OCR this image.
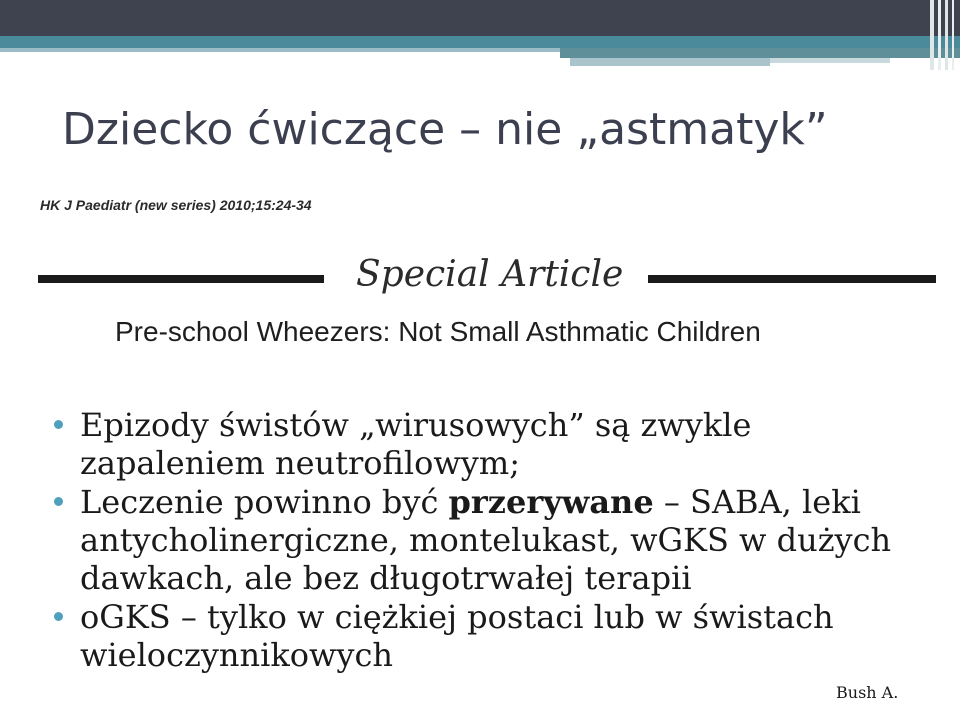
Dziecko ćwiczące – nie „astmatyk”
HK J Paediatr (new series) 2010;15:24-34
Special Article
Pre-school Wheezers: Not Small Asthmatic Children
Epizody świstów „wirusowych” są zwykle
zapaleniem neutrofilowym;
Leczenie powinno być przerywane – SABA, leki
antycholinergiczne, montelukast, wGKS w dużych
dawkach, ale bez długotrwałej terapii
oGKS – tylko w ciężkiej postaci lub w świstach
wieloczynnikowych
Bush A.
